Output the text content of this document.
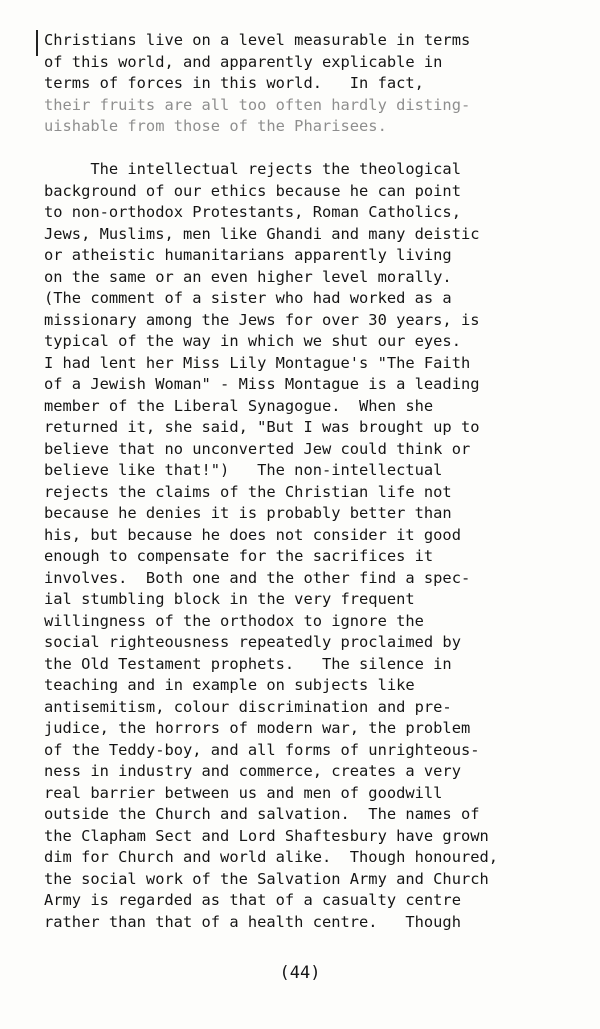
Christians live on a level measurable in terms
of this world, and apparently explicable in
terms of forces in this world.   In fact,
their fruits are all too often hardly disting-
uishable from those of the Pharisees.
The intellectual rejects the theological
background of our ethics because he can point
to non-orthodox Protestants, Roman Catholics,
Jews, Muslims, men like Ghandi and many deistic
or atheistic humanitarians apparently living
on the same or an even higher level morally.
(The comment of a sister who had worked as a
missionary among the Jews for over 30 years, is
typical of the way in which we shut our eyes.
I had lent her Miss Lily Montague's "The Faith
of a Jewish Woman" - Miss Montague is a leading
member of the Liberal Synagogue.  When she
returned it, she said, "But I was brought up to
believe that no unconverted Jew could think or
believe like that!")   The non-intellectual
rejects the claims of the Christian life not
because he denies it is probably better than
his, but because he does not consider it good
enough to compensate for the sacrifices it
involves.  Both one and the other find a spec-
ial stumbling block in the very frequent
willingness of the orthodox to ignore the
social righteousness repeatedly proclaimed by
the Old Testament prophets.   The silence in
teaching and in example on subjects like
antisemitism, colour discrimination and pre-
judice, the horrors of modern war, the problem
of the Teddy-boy, and all forms of unrighteous-
ness in industry and commerce, creates a very
real barrier between us and men of goodwill
outside the Church and salvation.  The names of
the Clapham Sect and Lord Shaftesbury have grown
dim for Church and world alike.  Though honoured,
the social work of the Salvation Army and Church
Army is regarded as that of a casualty centre
rather than that of a health centre.   Though
(44)
